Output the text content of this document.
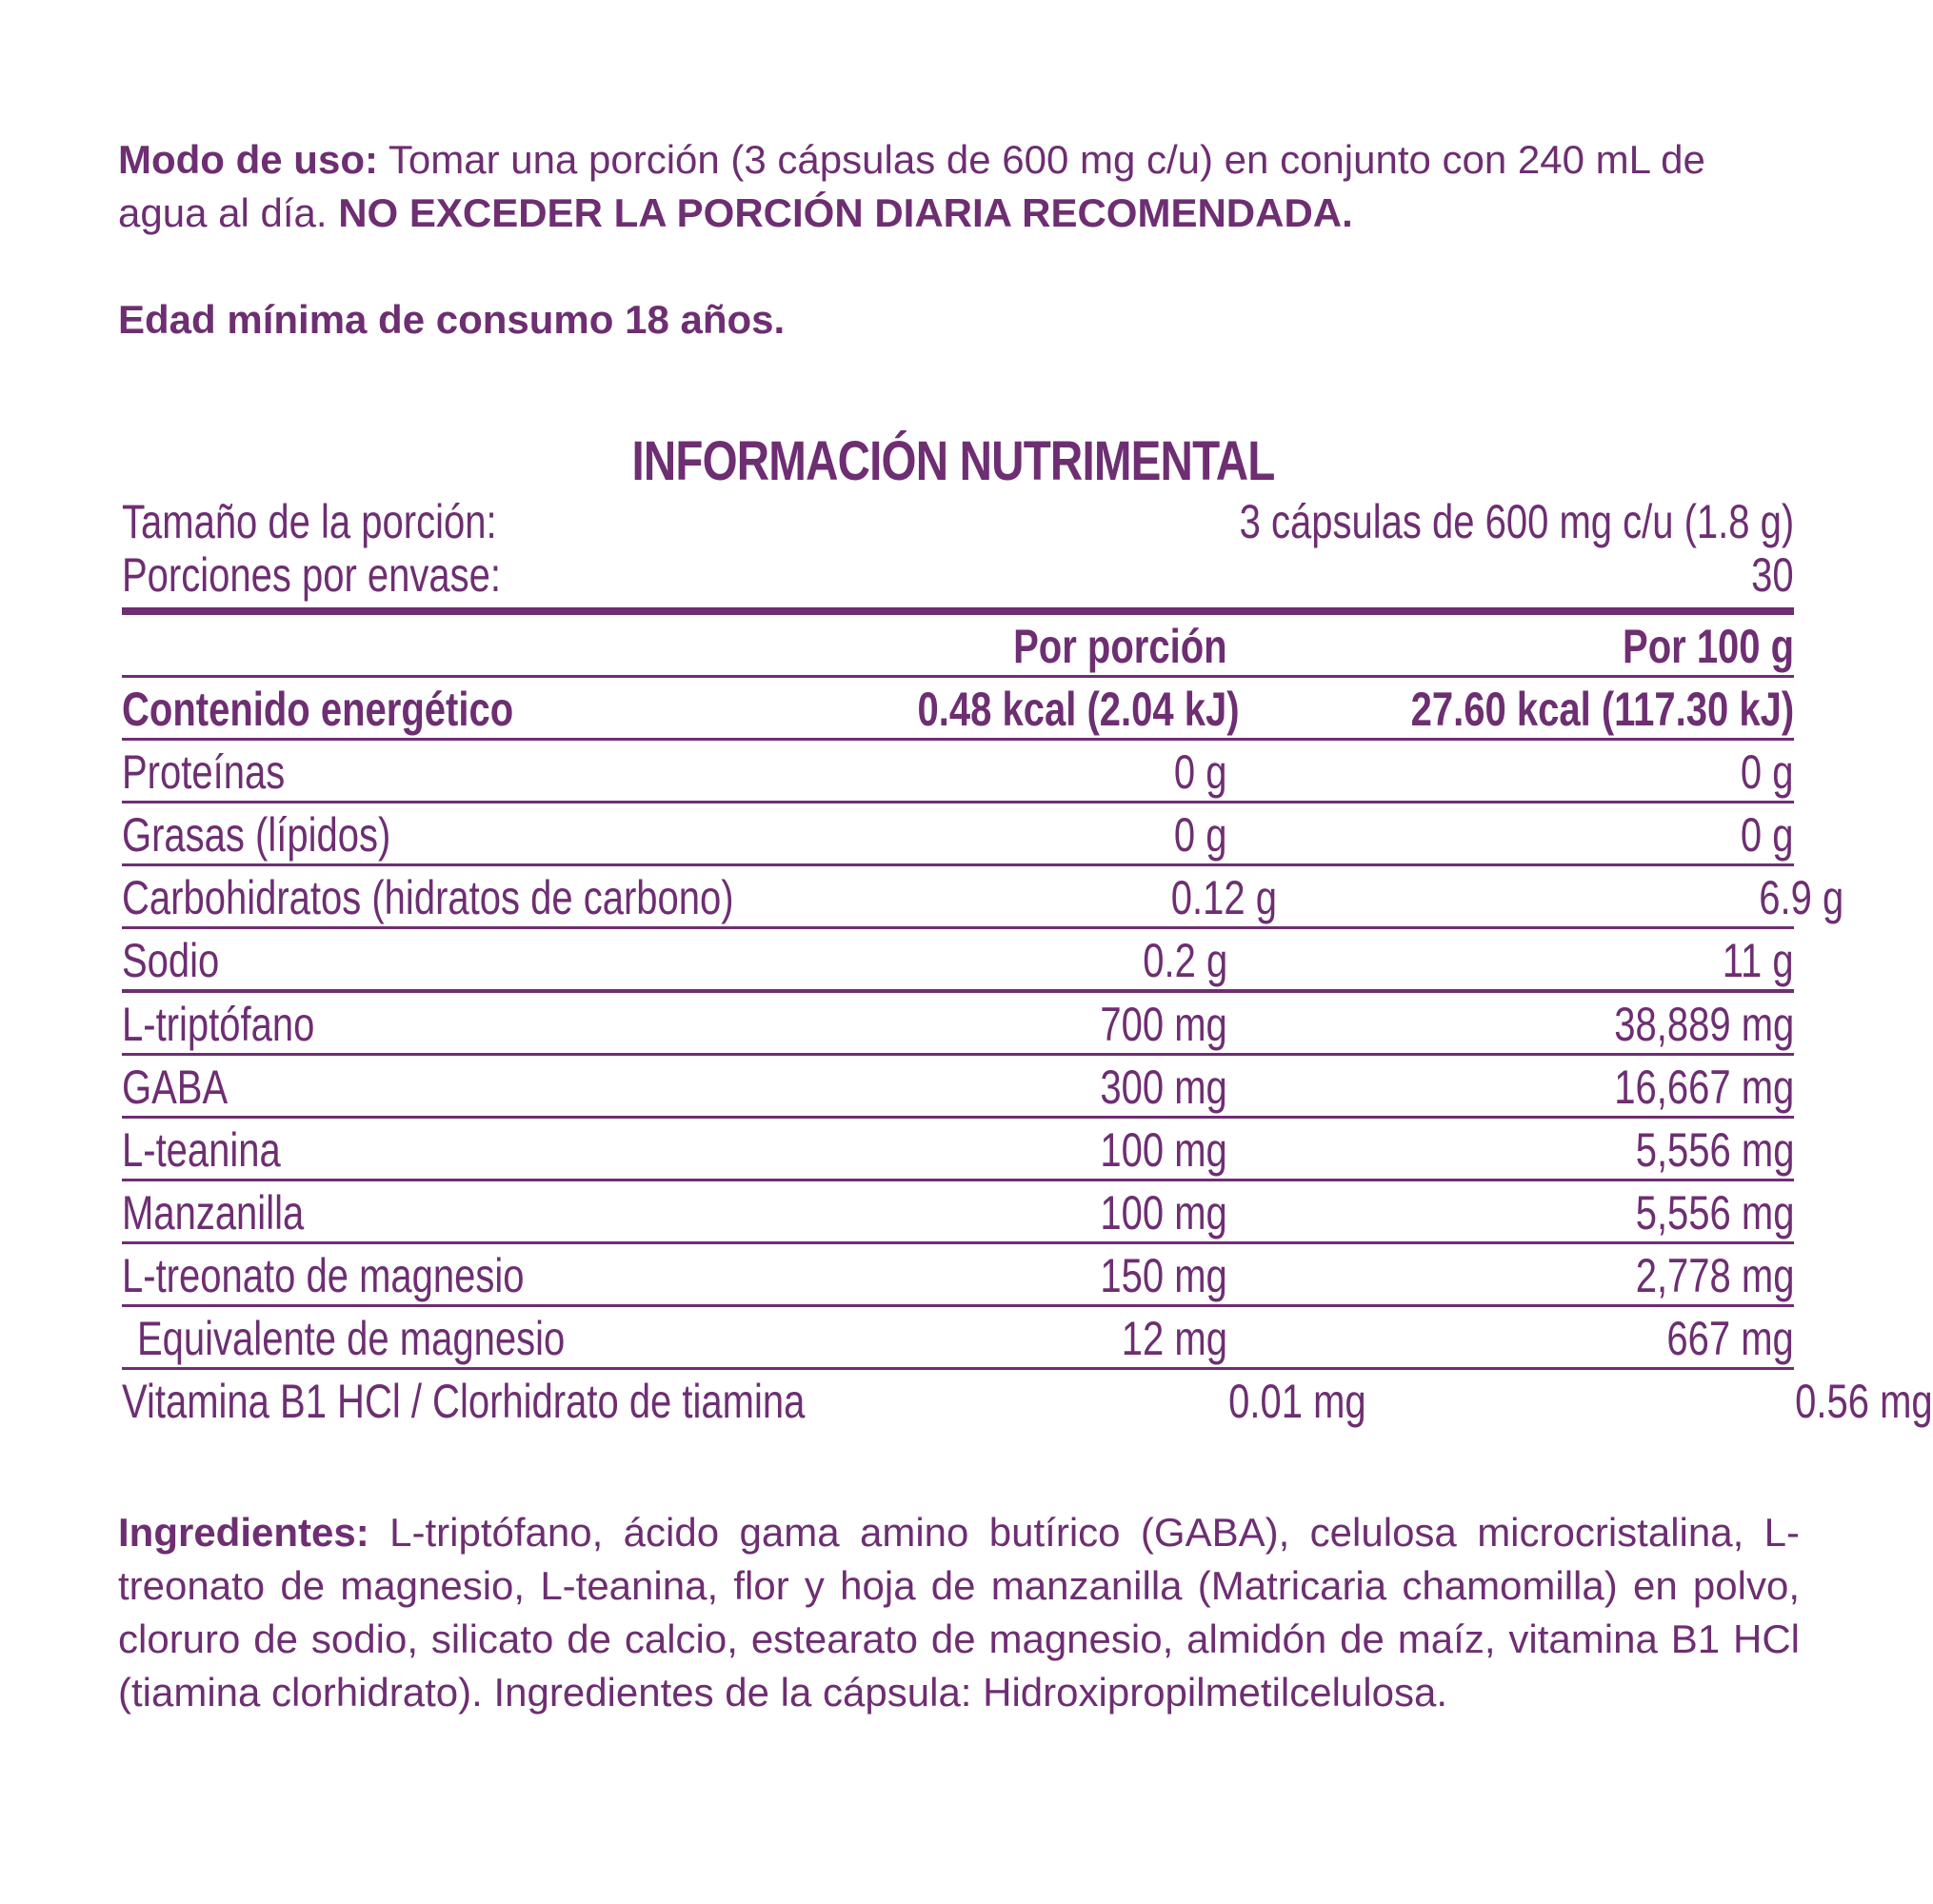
Modo de uso: Tomar una porción (3 cápsulas de 600 mg c/u) en conjunto con 240 mL de agua al día. NO EXCEDER LA PORCIÓN DIARIA RECOMENDADA.

Edad mínima de consumo 18 años.

INFORMACIÓN NUTRIMENTAL
Tamaño de la porción:	3 cápsulas de 600 mg c/u (1.8 g)
Porciones por envase:	30
Por porción	Por 100 g
Contenido energético	0.48 kcal (2.04 kJ)	27.60 kcal (117.30 kJ)
Proteínas	0 g	0 g
Grasas (lípidos)	0 g	0 g
Carbohidratos (hidratos de carbono)	0.12 g	6.9 g
Sodio	0.2 g	11 g
L-triptófano	700 mg	38,889 mg
GABA	300 mg	16,667 mg
L-teanina	100 mg	5,556 mg
Manzanilla	100 mg	5,556 mg
L-treonato de magnesio	150 mg	2,778 mg
Equivalente de magnesio	12 mg	667 mg
Vitamina B1 HCl / Clorhidrato de tiamina	0.01 mg	0.56 mg

Ingredientes: L-triptófano, ácido gama amino butírico (GABA), celulosa microcristalina, L-treonato de magnesio, L-teanina, flor y hoja de manzanilla (Matricaria chamomilla) en polvo, cloruro de sodio, silicato de calcio, estearato de magnesio, almidón de maíz, vitamina B1 HCl (tiamina clorhidrato). Ingredientes de la cápsula: Hidroxipropilmetilcelulosa.
